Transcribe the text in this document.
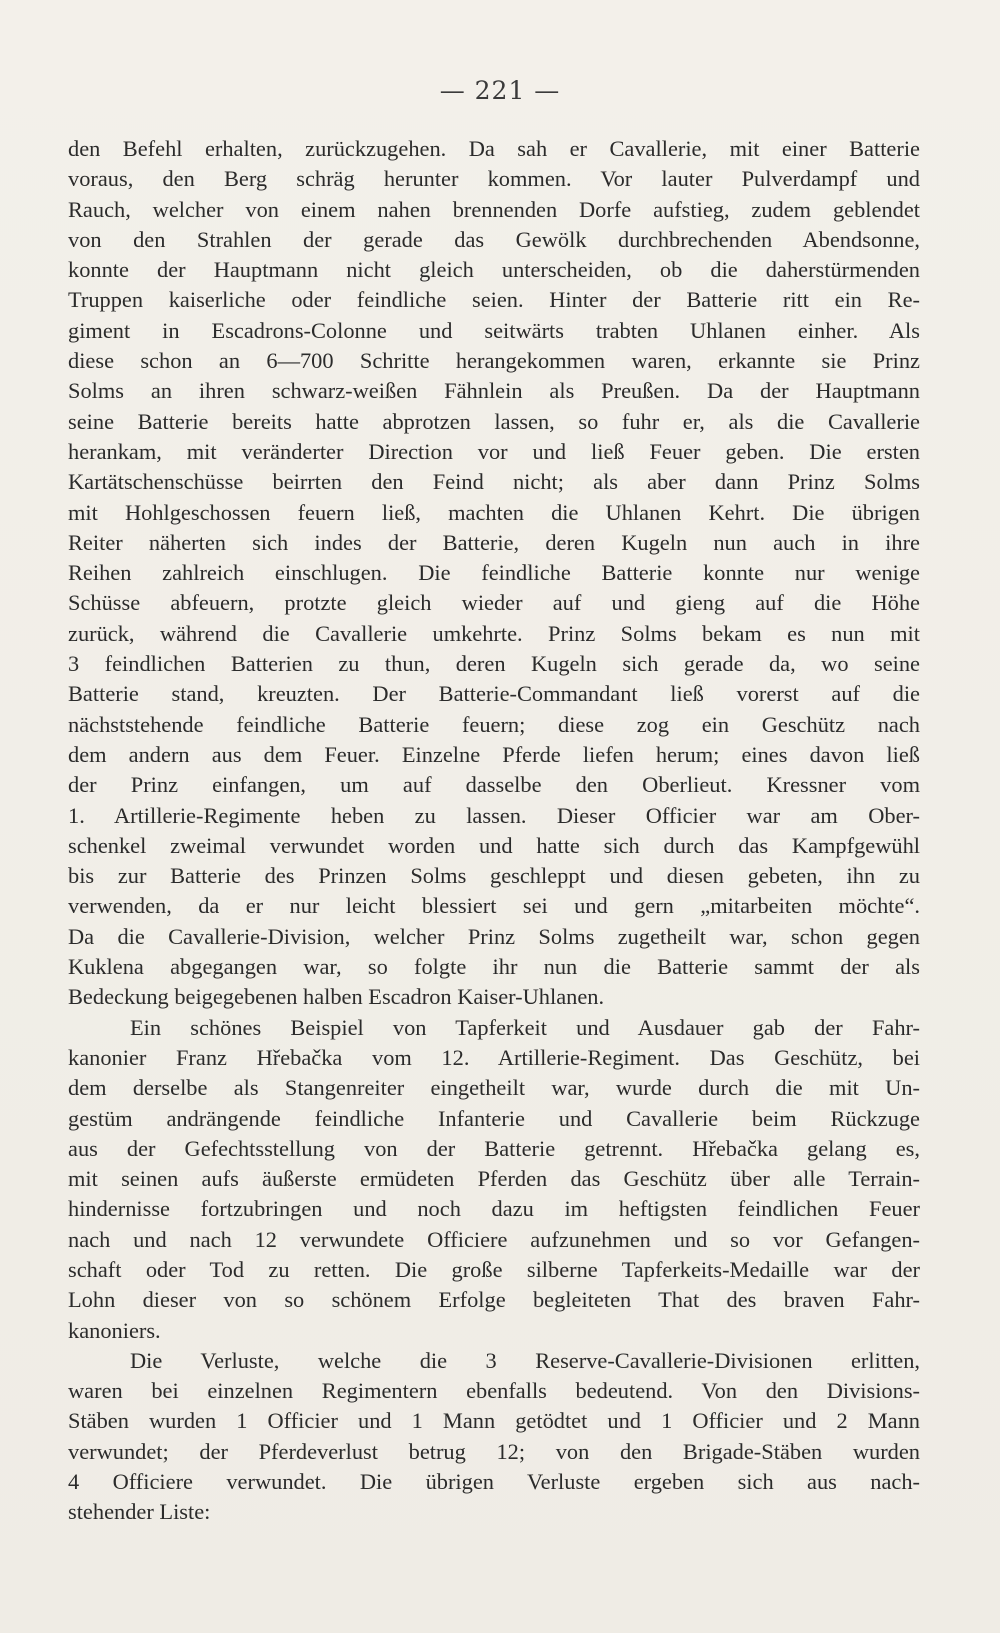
— 221 —
den Befehl erhalten, zurückzugehen. Da sah er Cavallerie, mit einer Batterie
voraus, den Berg schräg herunter kommen. Vor lauter Pulverdampf und
Rauch, welcher von einem nahen brennenden Dorfe aufstieg, zudem geblendet
von den Strahlen der gerade das Gewölk durchbrechenden Abendsonne,
konnte der Hauptmann nicht gleich unterscheiden, ob die daherstürmenden
Truppen kaiserliche oder feindliche seien. Hinter der Batterie ritt ein Re-
giment in Escadrons-Colonne und seitwärts trabten Uhlanen einher. Als
diese schon an 6—700 Schritte herangekommen waren, erkannte sie Prinz
Solms an ihren schwarz-weißen Fähnlein als Preußen. Da der Hauptmann
seine Batterie bereits hatte abprotzen lassen, so fuhr er, als die Cavallerie
herankam, mit veränderter Direction vor und ließ Feuer geben. Die ersten
Kartätschenschüsse beirrten den Feind nicht; als aber dann Prinz Solms
mit Hohlgeschossen feuern ließ, machten die Uhlanen Kehrt. Die übrigen
Reiter näherten sich indes der Batterie, deren Kugeln nun auch in ihre
Reihen zahlreich einschlugen. Die feindliche Batterie konnte nur wenige
Schüsse abfeuern, protzte gleich wieder auf und gieng auf die Höhe
zurück, während die Cavallerie umkehrte. Prinz Solms bekam es nun mit
3 feindlichen Batterien zu thun, deren Kugeln sich gerade da, wo seine
Batterie stand, kreuzten. Der Batterie-Commandant ließ vorerst auf die
nächststehende feindliche Batterie feuern; diese zog ein Geschütz nach
dem andern aus dem Feuer. Einzelne Pferde liefen herum; eines davon ließ
der Prinz einfangen, um auf dasselbe den Oberlieut. Kressner vom
1. Artillerie-Regimente heben zu lassen. Dieser Officier war am Ober-
schenkel zweimal verwundet worden und hatte sich durch das Kampfgewühl
bis zur Batterie des Prinzen Solms geschleppt und diesen gebeten, ihn zu
verwenden, da er nur leicht blessiert sei und gern „mitarbeiten möchte“.
Da die Cavallerie-Division, welcher Prinz Solms zugetheilt war, schon gegen
Kuklena abgegangen war, so folgte ihr nun die Batterie sammt der als
Bedeckung beigegebenen halben Escadron Kaiser-Uhlanen.
Ein schönes Beispiel von Tapferkeit und Ausdauer gab der Fahr-
kanonier Franz Hřebačka vom 12. Artillerie-Regiment. Das Geschütz, bei
dem derselbe als Stangenreiter eingetheilt war, wurde durch die mit Un-
gestüm andrängende feindliche Infanterie und Cavallerie beim Rückzuge
aus der Gefechtsstellung von der Batterie getrennt. Hřebačka gelang es,
mit seinen aufs äußerste ermüdeten Pferden das Geschütz über alle Terrain-
hindernisse fortzubringen und noch dazu im heftigsten feindlichen Feuer
nach und nach 12 verwundete Officiere aufzunehmen und so vor Gefangen-
schaft oder Tod zu retten. Die große silberne Tapferkeits-Medaille war der
Lohn dieser von so schönem Erfolge begleiteten That des braven Fahr-
kanoniers.
Die Verluste, welche die 3 Reserve-Cavallerie-Divisionen erlitten,
waren bei einzelnen Regimentern ebenfalls bedeutend. Von den Divisions-
Stäben wurden 1 Officier und 1 Mann getödtet und 1 Officier und 2 Mann
verwundet; der Pferdeverlust betrug 12; von den Brigade-Stäben wurden
4 Officiere verwundet. Die übrigen Verluste ergeben sich aus nach-
stehender Liste:
